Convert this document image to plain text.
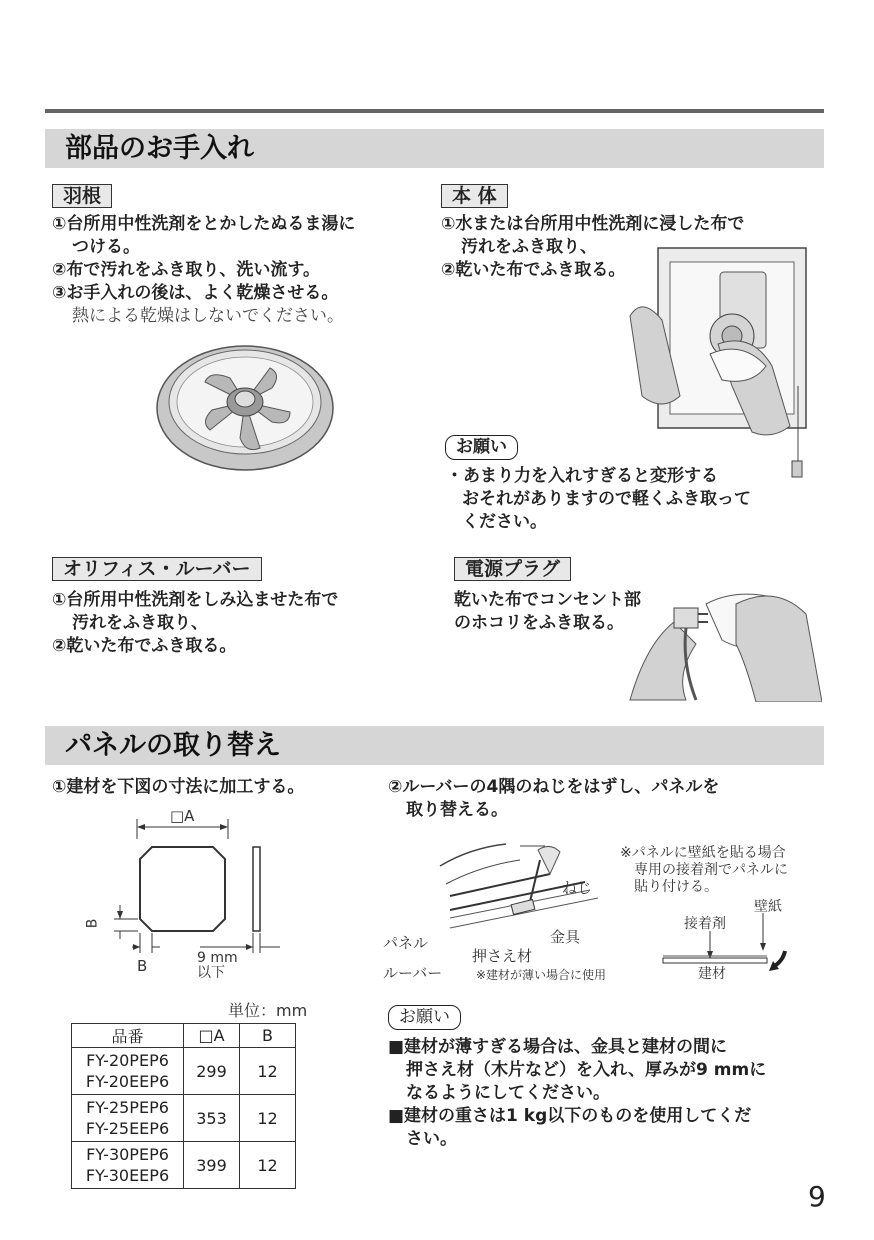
部品のお手入れ
羽根
①台所用中性洗剤をとかしたぬるま湯に
つける。
②布で汚れをふき取り、洗い流す。
③お手入れの後は、よく乾燥させる。
熱による乾燥はしないでください。
本 体
①水または台所用中性洗剤に浸した布で
汚れをふき取り、
②乾いた布でふき取る。
お願い
・あまり力を入れすぎると変形する
おそれがありますので軽くふき取って
ください。
オリフィス・ルーバー
①台所用中性洗剤をしみ込ませた布で
汚れをふき取り、
②乾いた布でふき取る。
電源プラグ
乾いた布でコンセント部
のホコリをふき取る。
パネルの取り替え
①建材を下図の寸法に加工する。	②ルーバーの4隅のねじをはずし、パネルを
取り替える。
□A
B
B	9 mm
以下
ねじ
金具
パネル
押さえ材
ルーバー	※建材が薄い場合に使用
※パネルに壁紙を貼る場合
専用の接着剤でパネルに
貼り付ける。
壁紙
接着剤
建材
単位：mm
品番	□A	B

FY-20PEP6
FY-20EEP6	299	12

FY-25PEP6
FY-25EEP6	353	12

FY-30PEP6
FY-30EEP6	399	12
お願い
■建材が薄すぎる場合は、金具と建材の間に
押さえ材（木片など）を入れ、厚みが9 mmに
なるようにしてください。
■建材の重さは1 kg以下のものを使用してくだ
さい。
9
